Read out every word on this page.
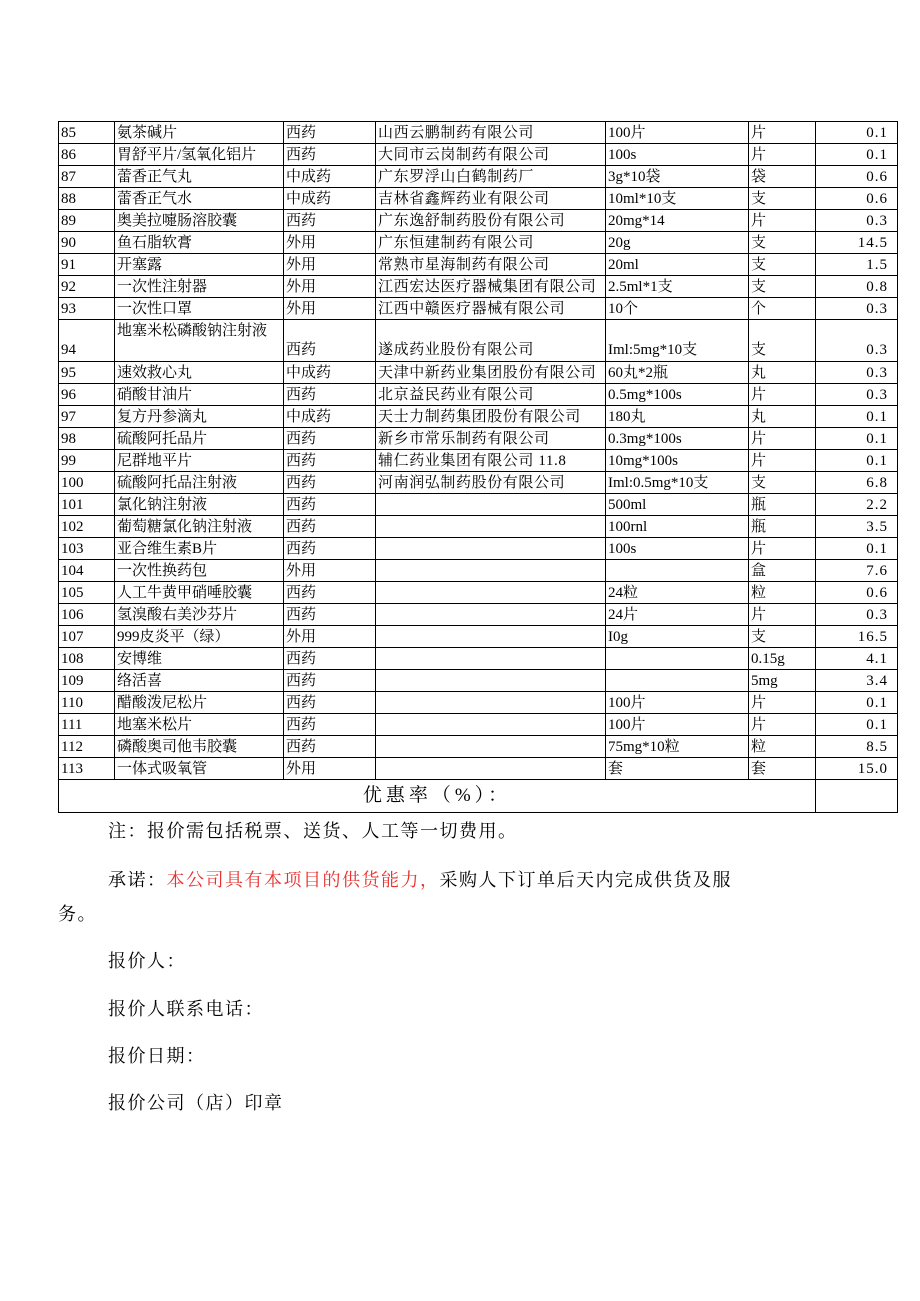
85	氨茶碱片	西药	山西云鹏制药有限公司	100片	片	0.1
86	胃舒平片/氢氧化铝片	西药	大同市云岗制药有限公司	100s	片	0.1
87	蕾香正气丸	中成药	广东罗浮山白鹤制药厂	3g*10袋	袋	0.6
88	蕾香正气水	中成药	吉林省鑫辉药业有限公司	10ml*10支	支	0.6
89	奥美拉嚏肠溶胶囊	西药	广东逸舒制药股份有限公司	20mg*14	片	0.3
90	鱼石脂软膏	外用	广东恒建制药有限公司	20g	支	14.5
91	开塞露	外用	常熟市星海制药有限公司	20ml	支	1.5
92	一次性注射器	外用	江西宏达医疗器械集团有限公司	2.5ml*1支	支	0.8
93	一次性口罩	外用	江西中赣医疗器械有限公司	10个	个	0.3
94	地塞米松磷酸钠注射液	西药	遂成药业股份有限公司	Iml:5mg*10支	支	0.3
95	速效救心丸	中成药	天津中新药业集团股份有限公司	60丸*2瓶	丸	0.3
96	硝酸甘油片	西药	北京益民药业有限公司	0.5mg*100s	片	0.3
97	复方丹参滴丸	中成药	天士力制药集团股份有限公司	180丸	丸	0.1
98	硫酸阿托品片	西药	新乡市常乐制药有限公司	0.3mg*100s	片	0.1
99	尼群地平片	西药	辅仁药业集团有限公司 11.8	10mg*100s	片	0.1
100	硫酸阿托品注射液	西药	河南润弘制药股份有限公司	Iml:0.5mg*10支	支	6.8
101	氯化钠注射液	西药		500ml	瓶	2.2
102	葡萄糖氯化钠注射液	西药		100rnl	瓶	3.5
103	亚合维生素B片	西药		100s	片	0.1
104	一次性换药包	外用			盒	7.6
105	人工牛黄甲硝唾胶囊	西药		24粒	粒	0.6
106	氢溴酸右美沙芬片	西药		24片	片	0.3
107	999皮炎平（绿）	外用		I0g	支	16.5
108	安博维	西药			0.15g	4.1
109	络活喜	西药			5mg	3.4
110	醋酸泼尼松片	西药		100片	片	0.1
111	地塞米松片	西药		100片	片	0.1
112	磷酸奥司他韦胶囊	西药		75mg*10粒	粒	8.5
113	一体式吸氧管	外用		套	套	15.0
优惠率（%）：						
注：报价需包括税票、送货、人工等一切费用。
承诺：本公司具有本项目的供货能力，采购人下订单后天内完成供货及服
务。
报价人：
报价人联系电话：
报价日期：
报价公司（店）印章
